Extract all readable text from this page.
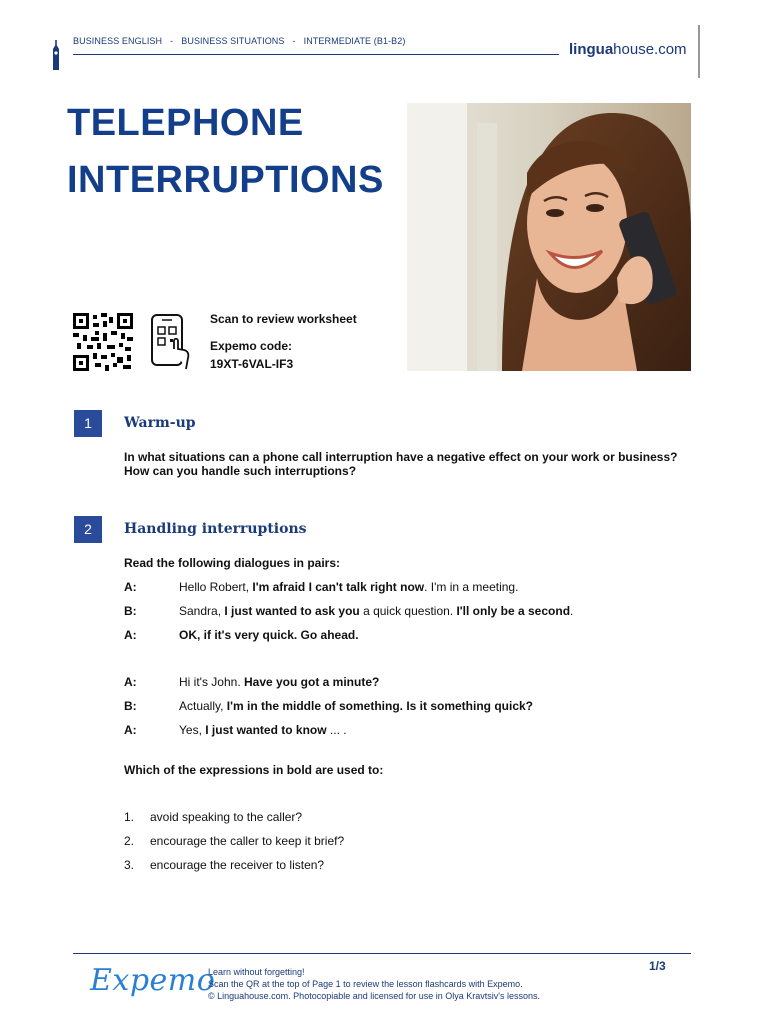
BUSINESS ENGLISH - BUSINESS SITUATIONS - INTERMEDIATE (B1-B2)	linguahouse.com
TELEPHONE
INTERRUPTIONS
Scan to review worksheet
Expemo code:
19XT-6VAL-IF3
1	Warm-up
In what situations can a phone call interruption have a negative effect on your work or business? How can you handle such interruptions?
2	Handling interruptions
Read the following dialogues in pairs:
A:	Hello Robert, I'm afraid I can't talk right now. I'm in a meeting.
B:	Sandra, I just wanted to ask you a quick question. I'll only be a second.
A:	OK, if it's very quick. Go ahead.
A:	Hi it's John. Have you got a minute?
B:	Actually, I'm in the middle of something. Is it something quick?
A:	Yes, I just wanted to know ... .
Which of the expressions in bold are used to:
1. avoid speaking to the caller?
2. encourage the caller to keep it brief?
3. encourage the receiver to listen?
Expemo
Learn without forgetting!
Scan the QR at the top of Page 1 to review the lesson flashcards with Expemo.
© Linguahouse.com. Photocopiable and licensed for use in Olya Kravtsiv's lessons.
1/3
